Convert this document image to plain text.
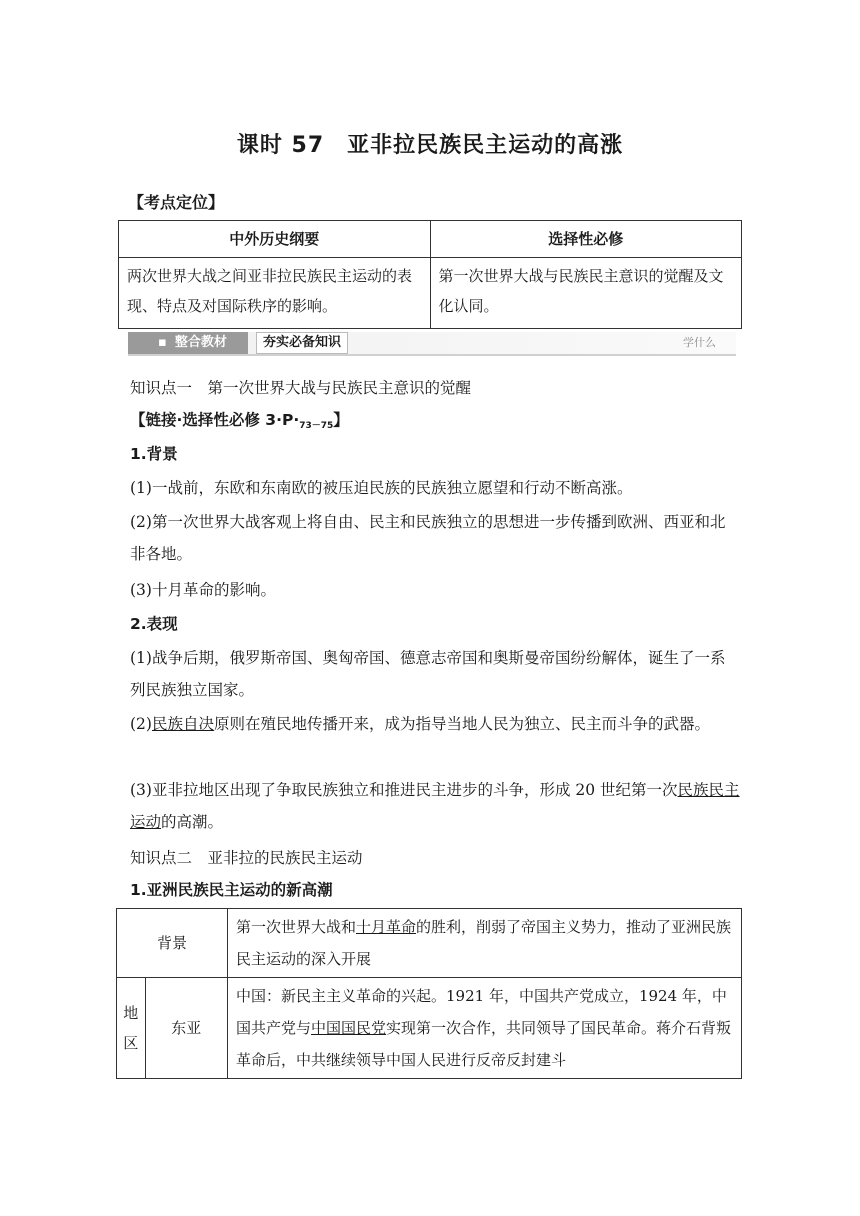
课时 57　亚非拉民族民主运动的高涨
【考点定位】
中外历史纲要	选择性必修
两次世界大战之间亚非拉民族民主运动的表现、特点及对国际秩序的影响。	第一次世界大战与民族民主意识的觉醒及文化认同。
▪ 整合教材	夯实必备知识	学什么
知识点一　第一次世界大战与民族民主意识的觉醒
【链接·选择性必修 $3\cdot P\cdot_{73-75}$】
1.背景
(1)一战前，东欧和东南欧的被压迫民族的民族独立愿望和行动不断高涨。
(2)第一次世界大战客观上将自由、民主和民族独立的思想进一步传播到欧洲、西亚和北非各地。
(3)十月革命的影响。
2.表现
(1)战争后期，俄罗斯帝国、奥匈帝国、德意志帝国和奥斯曼帝国纷纷解体，诞生了一系列民族独立国家。
(2)民族自决原则在殖民地传播开来，成为指导当地人民为独立、民主而斗争的武器。
(3)亚非拉地区出现了争取民族独立和推进民主进步的斗争，形成 20 世纪第一次民族民主运动的高潮。
知识点二　亚非拉的民族民主运动
1.亚洲民族民主运动的新高潮
背景		第一次世界大战和十月革命的胜利，削弱了帝国主义势力，推动了亚洲民族民主运动的深入开展
地区	东亚	中国：新民主主义革命的兴起。1921 年，中国共产党成立，1924 年，中国共产党与中国国民党实现第一次合作，共同领导了国民革命。蒋介石背叛革命后，中共继续领导中国人民进行反帝反封建斗
